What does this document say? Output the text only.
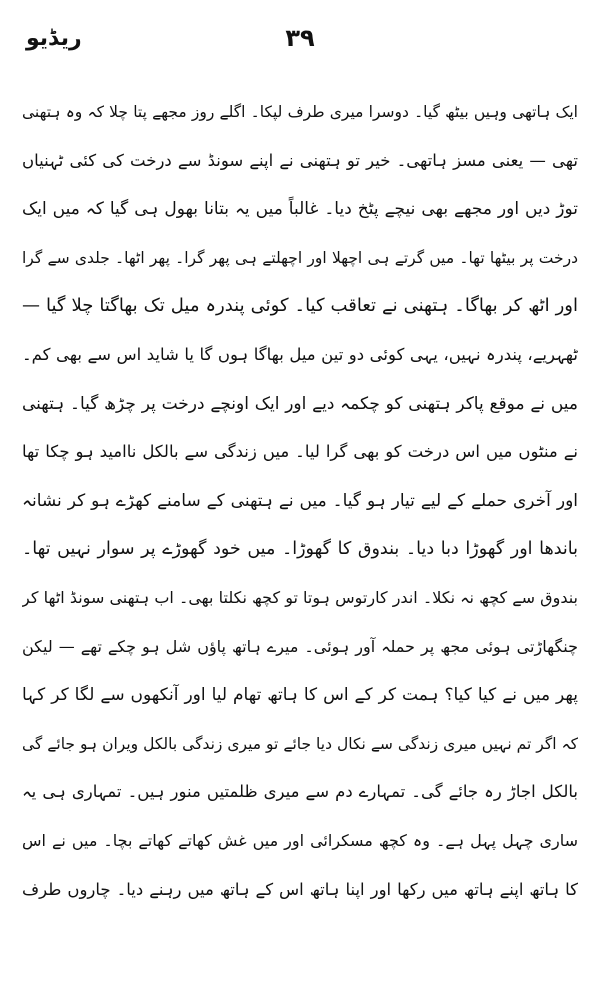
ریڈیو	۳۹
ایک ہاتھی وہیں بیٹھ گیا۔ دوسرا میری طرف لپکا۔ اگلے روز مجھے پتا چلا کہ وہ ہتھنی
تھی — یعنی مسز ہاتھی۔ خیر تو ہتھنی نے اپنے سونڈ سے درخت کی کئی ٹہنیاں
توڑ دیں اور مجھے بھی نیچے پٹخ دیا۔ غالباً میں یہ بتانا بھول ہی گیا کہ میں ایک
درخت پر بیٹھا تھا۔ میں گرتے ہی اچھلا اور اچھلتے ہی پھر گرا۔ پھر اٹھا۔ جلدی سے گرا
اور اٹھ کر بھاگا۔ ہتھنی نے تعاقب کیا۔ کوئی پندرہ میل تک بھاگتا چلا گیا —
ٹھہریے، پندرہ نہیں، یہی کوئی دو تین میل بھاگا ہوں گا یا شاید اس سے بھی کم۔
میں نے موقع پاکر ہتھنی کو چکمہ دیے اور ایک اونچے درخت پر چڑھ گیا۔ ہتھنی
نے منٹوں میں اس درخت کو بھی گرا لیا۔ میں زندگی سے بالکل ناامید ہو چکا تھا
اور آخری حملے کے لیے تیار ہو گیا۔ میں نے ہتھنی کے سامنے کھڑے ہو کر نشانہ
باندھا اور گھوڑا دبا دیا۔ بندوق کا گھوڑا۔ میں خود گھوڑے پر سوار نہیں تھا۔
بندوق سے کچھ نہ نکلا۔ اندر کارتوس ہوتا تو کچھ نکلتا بھی۔ اب ہتھنی سونڈ اٹھا کر
چنگھاڑتی ہوئی مجھ پر حملہ آور ہوئی۔ میرے ہاتھ پاؤں شل ہو چکے تھے — لیکن
پھر میں نے کیا کیا؟ ہمت کر کے اس کا ہاتھ تھام لیا اور آنکھوں سے لگا کر کہا
کہ اگر تم نہیں میری زندگی سے نکال دیا جائے تو میری زندگی بالکل ویران ہو جائے گی
بالکل اجاڑ رہ جائے گی۔ تمہارے دم سے میری ظلمتیں منور ہیں۔ تمہاری ہی یہ
ساری چہل پہل ہے۔ وہ کچھ مسکرائی اور میں غش کھاتے کھاتے بچا۔ میں نے اس
کا ہاتھ اپنے ہاتھ میں رکھا اور اپنا ہاتھ اس کے ہاتھ میں رہنے دیا۔ چاروں طرف
